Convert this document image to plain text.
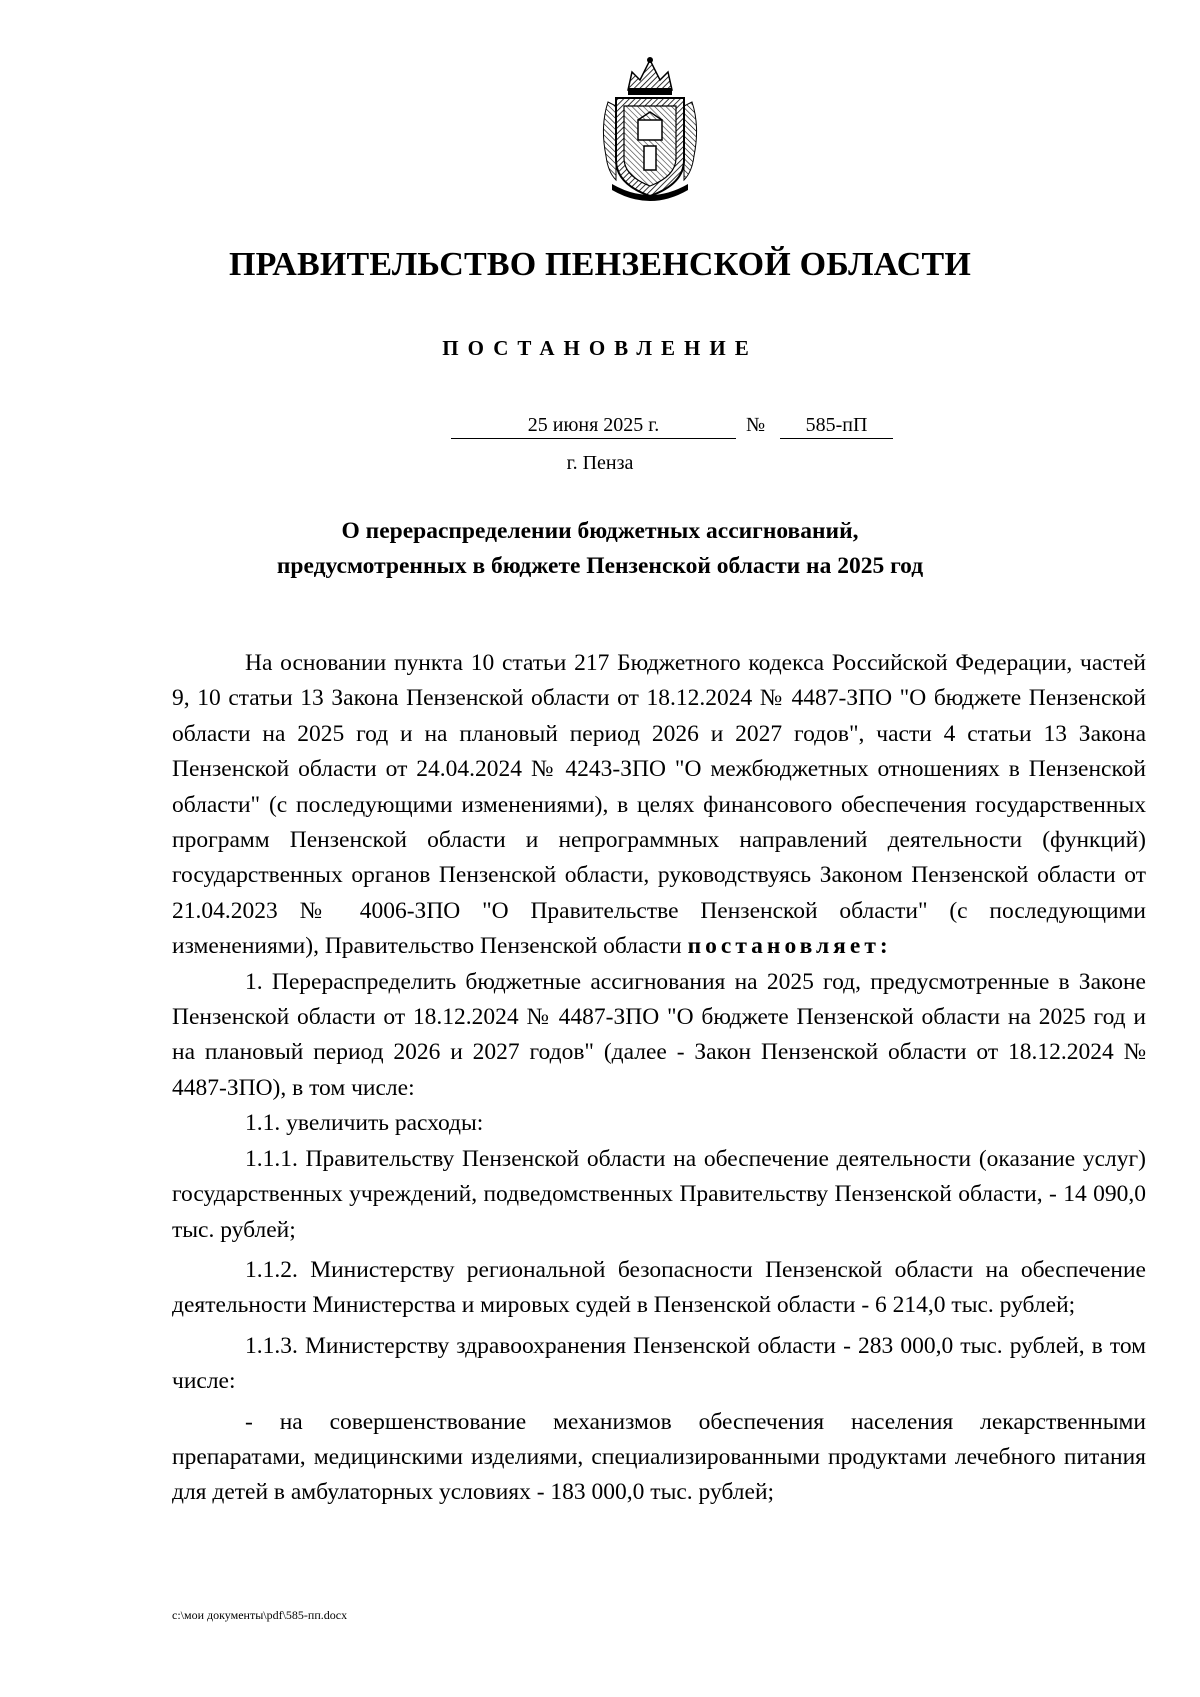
ПРАВИТЕЛЬСТВО ПЕНЗЕНСКОЙ ОБЛАСТИ
ПОСТАНОВЛЕНИЕ
25 июня 2025 г.	№	585-пП
г. Пенза
О перераспределении бюджетных ассигнований,
предусмотренных в бюджете Пензенской области на 2025 год

На основании пункта 10 статьи 217 Бюджетного кодекса Российской Федерации, частей 9, 10 статьи 13 Закона Пензенской области от 18.12.2024 № 4487-ЗПО "О бюджете Пензенской области на 2025 год и на плановый период 2026 и 2027 годов", части 4 статьи 13 Закона Пензенской области от 24.04.2024 № 4243-ЗПО "О межбюджетных отношениях в Пензенской области" (с последующими изменениями), в целях финансового обеспечения государственных программ Пензенской области и непрограммных направлений деятельности (функций) государственных органов Пензенской области, руководствуясь Законом Пензенской области от 21.04.2023 № 4006-ЗПО "О Правительстве Пензенской области" (с последующими изменениями), Правительство Пензенской области постановляет:

1. Перераспределить бюджетные ассигнования на 2025 год, предусмотренные в Законе Пензенской области от 18.12.2024 № 4487-ЗПО "О бюджете Пензенской области на 2025 год и на плановый период 2026 и 2027 годов" (далее - Закон Пензенской области от 18.12.2024 № 4487-ЗПО), в том числе:

1.1. увеличить расходы:

1.1.1. Правительству Пензенской области на обеспечение деятельности (оказание услуг) государственных учреждений, подведомственных Правительству Пензенской области, - 14 090,0 тыс. рублей;

1.1.2. Министерству региональной безопасности Пензенской области на обеспечение деятельности Министерства и мировых судей в Пензенской области - 6 214,0 тыс. рублей;

1.1.3. Министерству здравоохранения Пензенской области - 283 000,0 тыс. рублей, в том числе:

- на совершенствование механизмов обеспечения населения лекарственными препаратами, медицинскими изделиями, специализированными продуктами лечебного питания для детей в амбулаторных условиях - 183 000,0 тыс. рублей;

c:\мои документы\pdf\585-пп.docx
